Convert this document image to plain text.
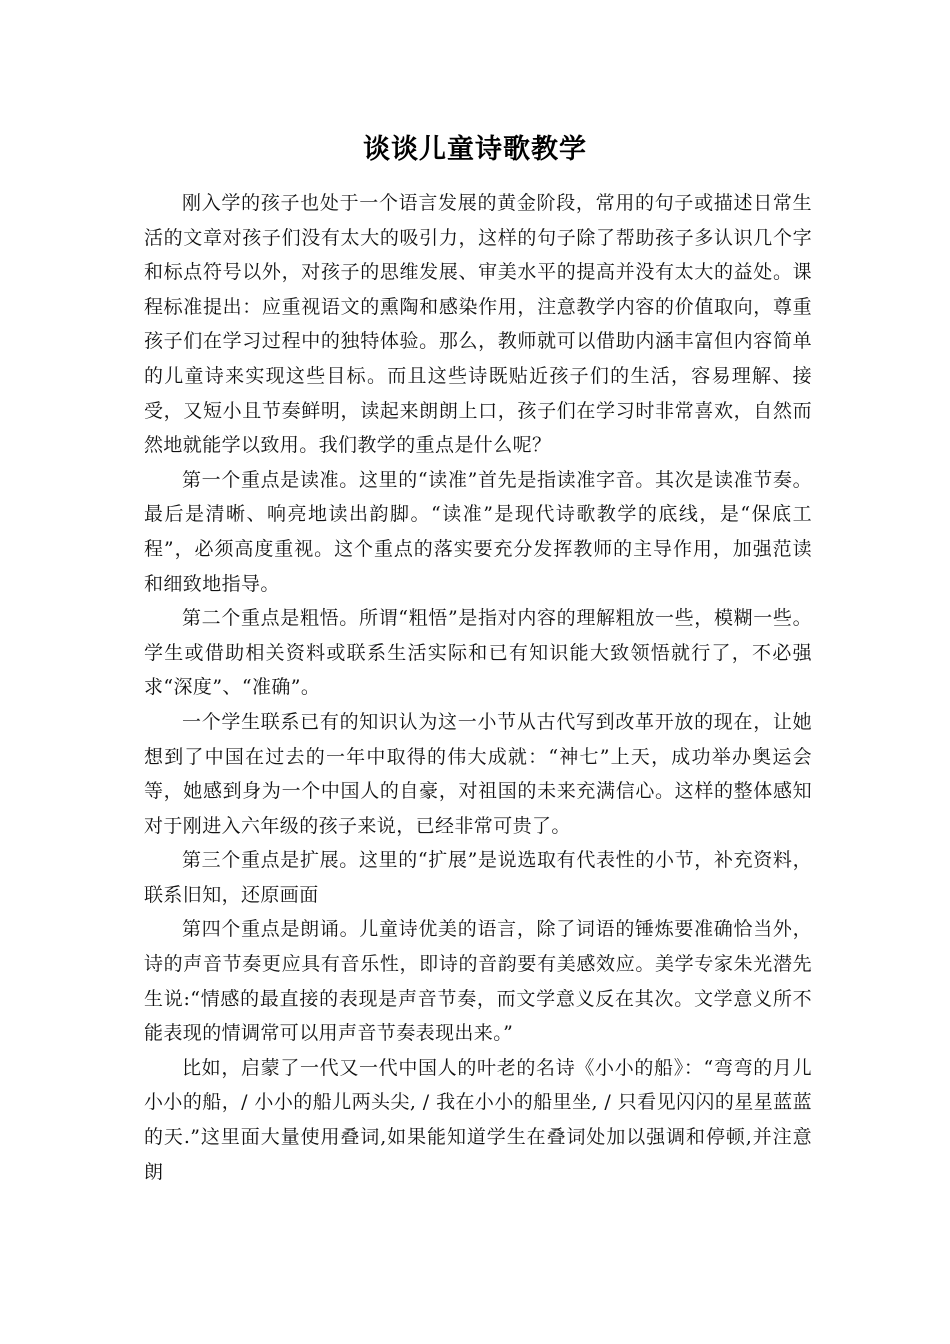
谈谈儿童诗歌教学

刚入学的孩子也处于一个语言发展的黄金阶段，常用的句子或描述日常生活的文章对孩子们没有太大的吸引力，这样的句子除了帮助孩子多认识几个字和标点符号以外，对孩子的思维发展、审美水平的提高并没有太大的益处。课程标准提出：应重视语文的熏陶和感染作用，注意教学内容的价值取向，尊重孩子们在学习过程中的独特体验。那么，教师就可以借助内涵丰富但内容简单的儿童诗来实现这些目标。而且这些诗既贴近孩子们的生活，容易理解、接受，又短小且节奏鲜明，读起来朗朗上口，孩子们在学习时非常喜欢，自然而然地就能学以致用。我们教学的重点是什么呢？

第一个重点是读准。这里的“读准”首先是指读准字音。其次是读准节奏。最后是清晰、响亮地读出韵脚。“读准”是现代诗歌教学的底线，是“保底工程”，必须高度重视。这个重点的落实要充分发挥教师的主导作用，加强范读和细致地指导。

第二个重点是粗悟。所谓“粗悟”是指对内容的理解粗放一些，模糊一些。学生或借助相关资料或联系生活实际和已有知识能大致领悟就行了，不必强求“深度”、“准确”。

一个学生联系已有的知识认为这一小节从古代写到改革开放的现在，让她想到了中国在过去的一年中取得的伟大成就：“神七”上天，成功举办奥运会等，她感到身为一个中国人的自豪，对祖国的未来充满信心。这样的整体感知对于刚进入六年级的孩子来说，已经非常可贵了。

第三个重点是扩展。这里的“扩展”是说选取有代表性的小节，补充资料，联系旧知，还原画面

第四个重点是朗诵。儿童诗优美的语言，除了词语的锤炼要准确恰当外，诗的声音节奏更应具有音乐性，即诗的音韵要有美感效应。美学专家朱光潜先生说:“情感的最直接的表现是声音节奏，而文学意义反在其次。文学意义所不能表现的情调常可以用声音节奏表现出来。”

比如，启蒙了一代又一代中国人的叶老的名诗《小小的船》：“弯弯的月儿小小的船，/ 小小的船儿两头尖, / 我在小小的船里坐, / 只看见闪闪的星星蓝蓝的天.”这里面大量使用叠词,如果能知道学生在叠词处加以强调和停顿,并注意朗
